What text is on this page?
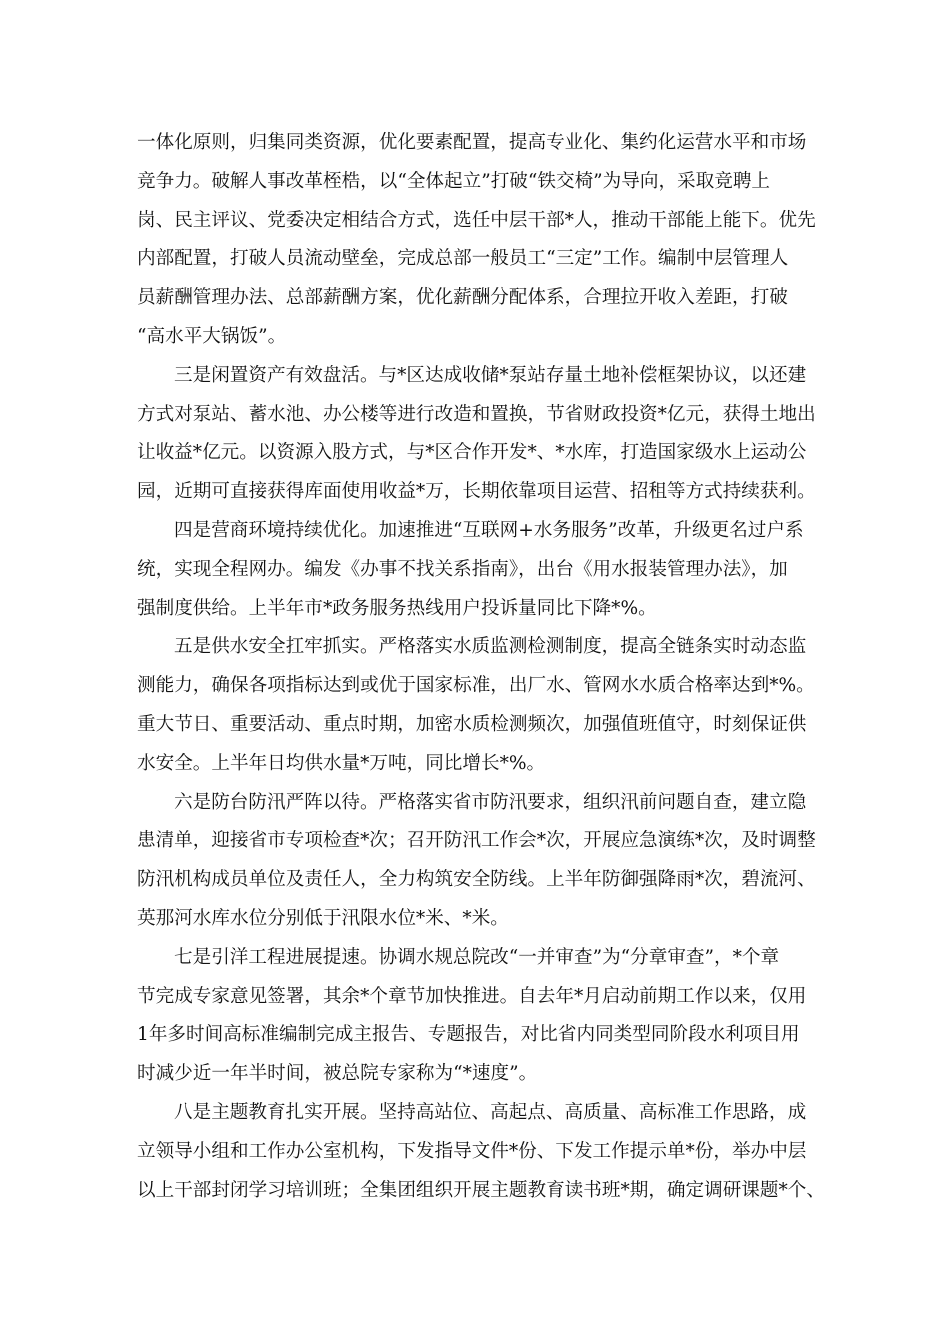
一体化原则，归集同类资源，优化要素配置，提高专业化、集约化运营水平和市场
竞争力。破解人事改革桎梏，以“全体起立”打破“铁交椅”为导向，采取竞聘上
岗、民主评议、党委决定相结合方式，选任中层干部*人，推动干部能上能下。优先
内部配置，打破人员流动壁垒，完成总部一般员工“三定”工作。编制中层管理人
员薪酬管理办法、总部薪酬方案，优化薪酬分配体系，合理拉开收入差距，打破
“高水平大锅饭”。
三是闲置资产有效盘活。与*区达成收储*泵站存量土地补偿框架协议，以还建
方式对泵站、蓄水池、办公楼等进行改造和置换，节省财政投资*亿元，获得土地出
让收益*亿元。以资源入股方式，与*区合作开发*、*水库，打造国家级水上运动公
园，近期可直接获得库面使用收益*万，长期依靠项目运营、招租等方式持续获利。
四是营商环境持续优化。加速推进“互联网+水务服务”改革，升级更名过户系
统，实现全程网办。编发《办事不找关系指南》，出台《用水报装管理办法》，加
强制度供给。上半年市*政务服务热线用户投诉量同比下降*%。
五是供水安全扛牢抓实。严格落实水质监测检测制度，提高全链条实时动态监
测能力，确保各项指标达到或优于国家标准，出厂水、管网水水质合格率达到*%。
重大节日、重要活动、重点时期，加密水质检测频次，加强值班值守，时刻保证供
水安全。上半年日均供水量*万吨，同比增长*%。
六是防台防汛严阵以待。严格落实省市防汛要求，组织汛前问题自查，建立隐
患清单，迎接省市专项检查*次；召开防汛工作会*次，开展应急演练*次，及时调整
防汛机构成员单位及责任人，全力构筑安全防线。上半年防御强降雨*次，碧流河、
英那河水库水位分别低于汛限水位*米、*米。
七是引洋工程进展提速。协调水规总院改“一并审查”为“分章审查”，*个章
节完成专家意见签署，其余*个章节加快推进。自去年*月启动前期工作以来，仅用
1年多时间高标准编制完成主报告、专题报告，对比省内同类型同阶段水利项目用
时减少近一年半时间，被总院专家称为“*速度”。
八是主题教育扎实开展。坚持高站位、高起点、高质量、高标准工作思路，成
立领导小组和工作办公室机构，下发指导文件*份、下发工作提示单*份，举办中层
以上干部封闭学习培训班；全集团组织开展主题教育读书班*期，确定调研课题*个、
